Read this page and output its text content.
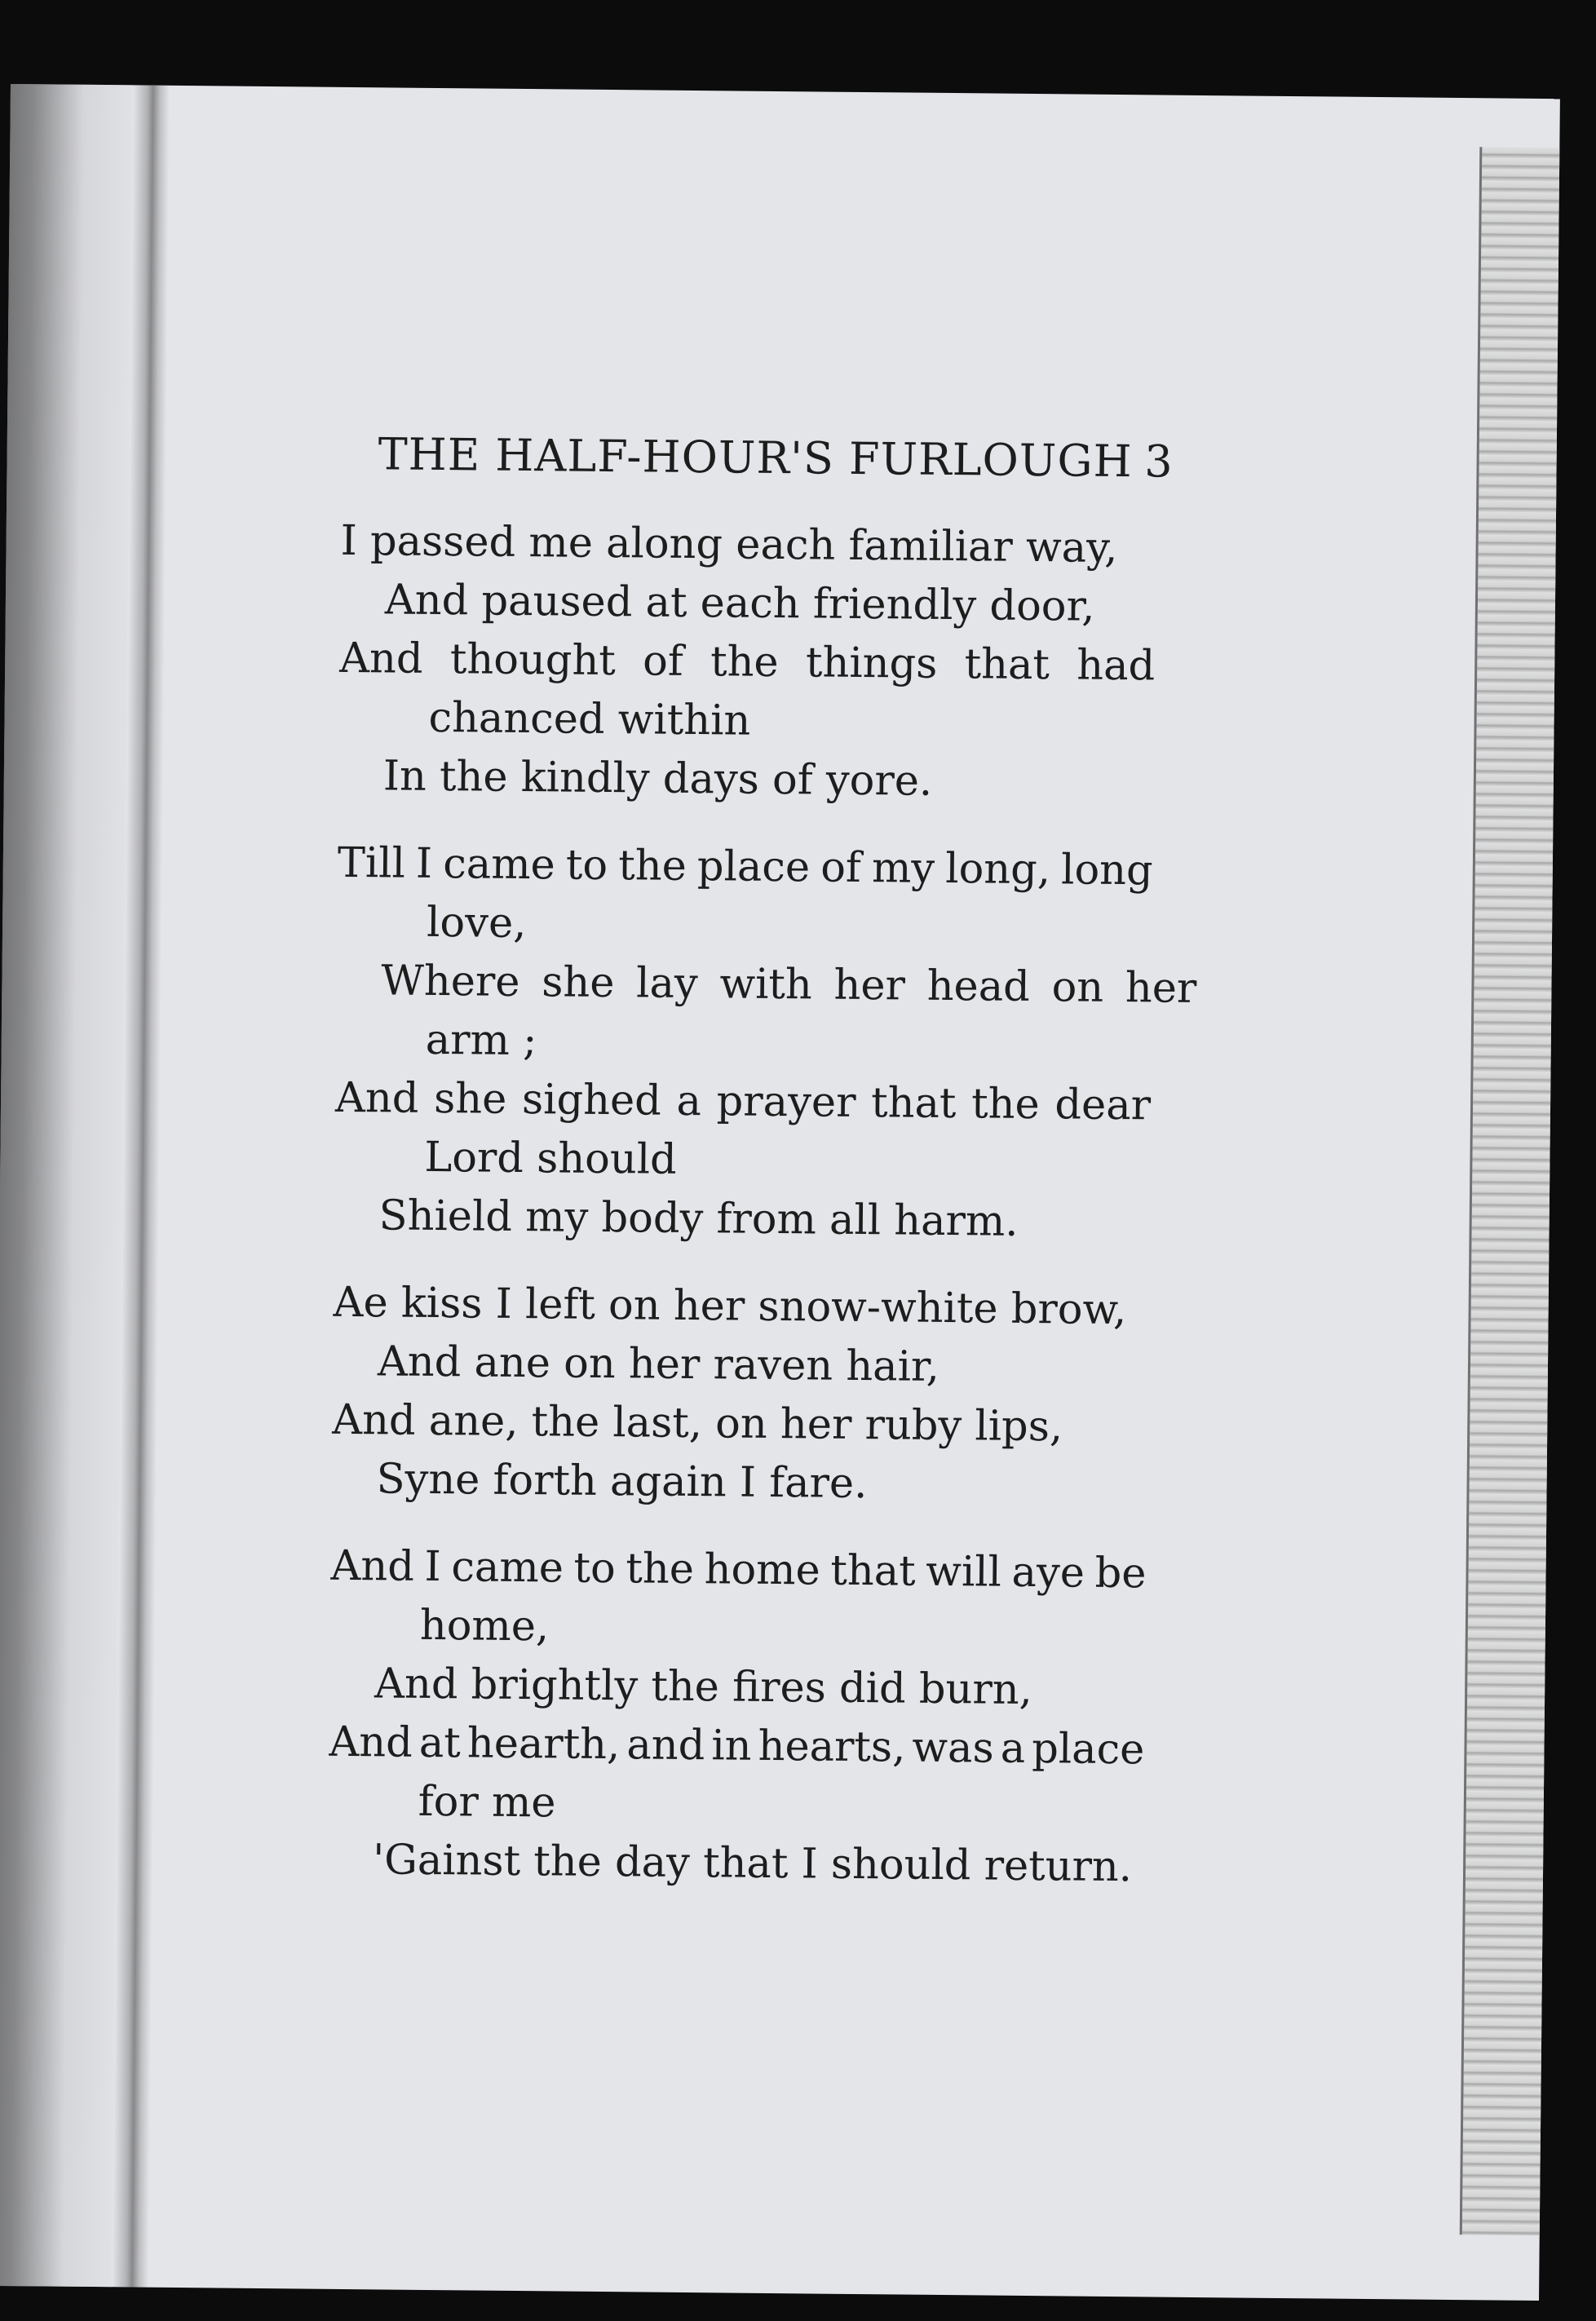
THE HALF-HOUR'S FURLOUGH 3
I passed me along each familiar way,
And paused at each friendly door,
And thought of the things that had
chanced within
In the kindly days of yore.
Till I came to the place of my long, long
love,
Where she lay with her head on her
arm ;
And she sighed a prayer that the dear
Lord should
Shield my body from all harm.
Ae kiss I left on her snow-white brow,
And ane on her raven hair,
And ane, the last, on her ruby lips,
Syne forth again I fare.
And I came to the home that will aye be
home,
And brightly the fires did burn,
And at hearth, and in hearts, was a place
for me
'Gainst the day that I should return.
